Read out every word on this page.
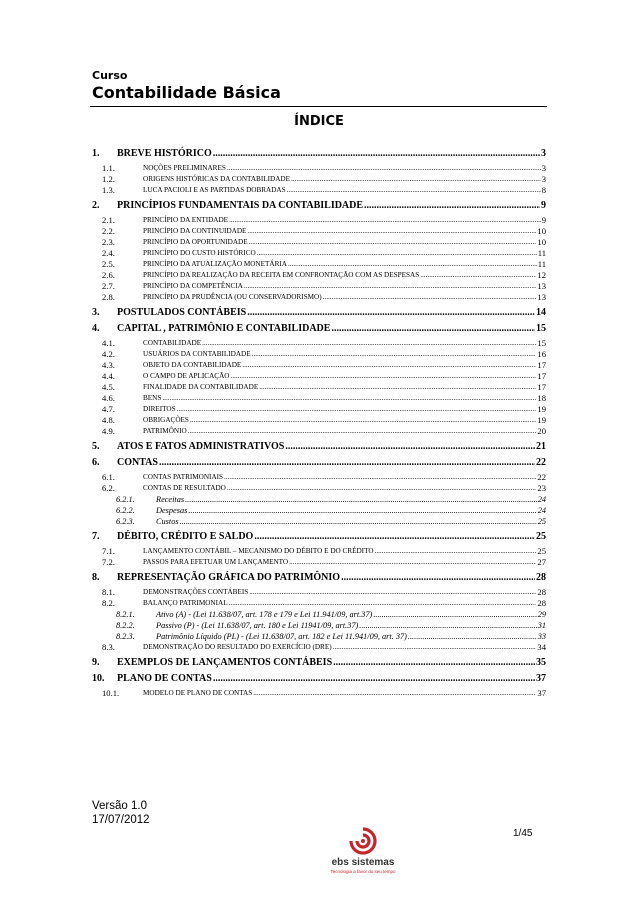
Curso
Contabilidade Básica
ÍNDICE
1.	BREVE HISTÓRICO .....	3
1.1.	NOÇÕES PRELIMINARES .....	3
1.2.	ORIGENS HISTÓRICAS DA CONTABILIDADE .....	3
1.3.	LUCA PACIOLI E AS PARTIDAS DOBRADAS .....	8
2.	PRINCÍPIOS FUNDAMENTAIS DA CONTABILIDADE .....	9
2.1.	PRINCÍPIO DA ENTIDADE .....	9
2.2.	PRINCÍPIO DA CONTINUIDADE .....	10
2.3.	PRINCÍPIO DA OPORTUNIDADE .....	10
2.4.	PRINCÍPIO DO CUSTO HISTÓRICO .....	11
2.5.	PRINCÍPIO DA ATUALIZAÇÃO MONETÁRIA .....	11
2.6.	PRINCÍPIO DA REALIZAÇÃO DA RECEITA EM CONFRONTAÇÃO COM AS DESPESAS .....	12
2.7.	PRINCÍPIO DA COMPETÊNCIA .....	13
2.8.	PRINCÍPIO DA PRUDÊNCIA (OU CONSERVADORISMO) .....	13
3.	POSTULADOS CONTÁBEIS .....	14
4.	CAPITAL , PATRIMÔNIO E CONTABILIDADE .....	15
4.1.	CONTABILIDADE .....	15
4.2.	USUÁRIOS DA CONTABILIDADE .....	16
4.3.	OBJETO DA CONTABILIDADE .....	17
4.4.	O CAMPO DE APLICAÇÃO .....	17
4.5.	FINALIDADE DA CONTABILIDADE .....	17
4.6.	BENS .....	18
4.7.	DIREITOS .....	19
4.8.	OBRIGAÇÕES .....	19
4.9.	PATRIMÔNIO .....	20
5.	ATOS E FATOS ADMINISTRATIVOS .....	21
6.	CONTAS .....	22
6.1.	CONTAS PATRIMONIAIS .....	22
6.2.	CONTAS DE RESULTADO .....	23
6.2.1.	Receitas .....	24
6.2.2.	Despesas .....	24
6.2.3.	Custos .....	25
7.	DÉBITO, CRÉDITO E SALDO .....	25
7.1.	LANÇAMENTO CONTÁBIL – MECANISMO DO DÉBITO E DO CRÉDITO .....	25
7.2.	PASSOS PARA EFETUAR UM LANÇAMENTO .....	27
8.	REPRESENTAÇÃO GRÁFICA DO PATRIMÔNIO .....	28
8.1.	DEMONSTRAÇÕES CONTÁBEIS .....	28
8.2.	BALANÇO PATRIMONIAL .....	28
8.2.1.	Ativo (A) - (Lei 11.638/07, art. 178 e 179 e Lei 11.941/09, art.37) .....	29
8.2.2.	Passivo (P) - (Lei 11.638/07, art. 180 e Lei 11941/09, art.37) .....	31
8.2.3.	Patrimônio Líquido (PL) - (Lei 11.638/07, art. 182 e Lei 11.941/09, art. 37) .....	33
8.3.	DEMONSTRAÇÃO DO RESULTADO DO EXERCÍCIO (DRE) .....	34
9.	EXEMPLOS DE LANÇAMENTOS CONTÁBEIS .....	35
10.	PLANO DE CONTAS .....	37
10.1.	MODELO DE PLANO DE CONTAS .....	37
Versão 1.0
17/07/2012
1/45
ebs sistemas
Tecnologia a favor do seu tempo
